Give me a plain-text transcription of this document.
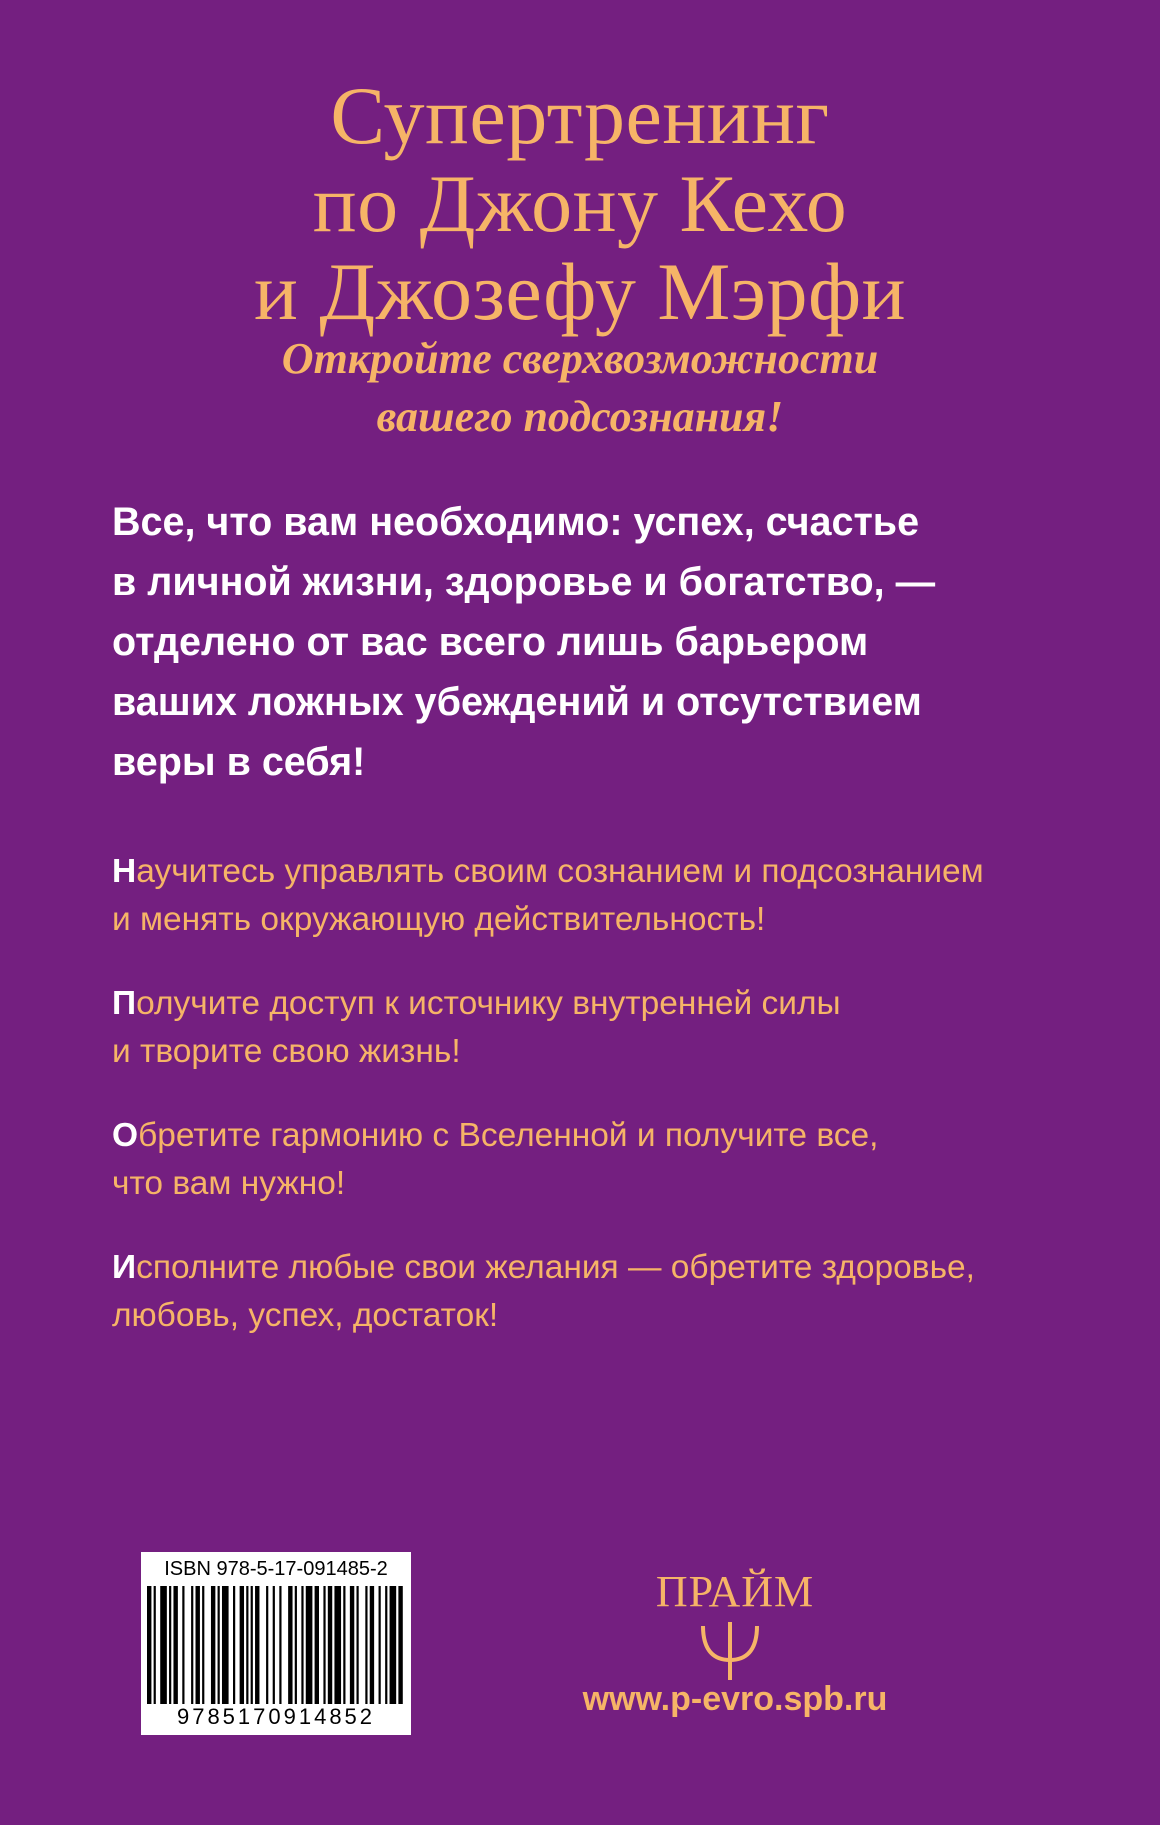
Супертренинг
по Джону Кехо
и Джозефу Мэрфи
Откройте сверхвозможности
вашего подсознания!
Все, что вам необходимо: успех, счастье
в личной жизни, здоровье и богатство, —
отделено от вас всего лишь барьером
ваших ложных убеждений и отсутствием
веры в себя!
Научитесь управлять своим сознанием и подсознанием
и менять окружающую действительность!
Получите доступ к источнику внутренней силы
и творите свою жизнь!
Обретите гармонию с Вселенной и получите все,
что вам нужно!
Исполните любые свои желания — обретите здоровье,
любовь, успех, достаток!
ISBN 978-5-17-091485-2
9785170914852
ПРАЙМ
www.p-evro.spb.ru
